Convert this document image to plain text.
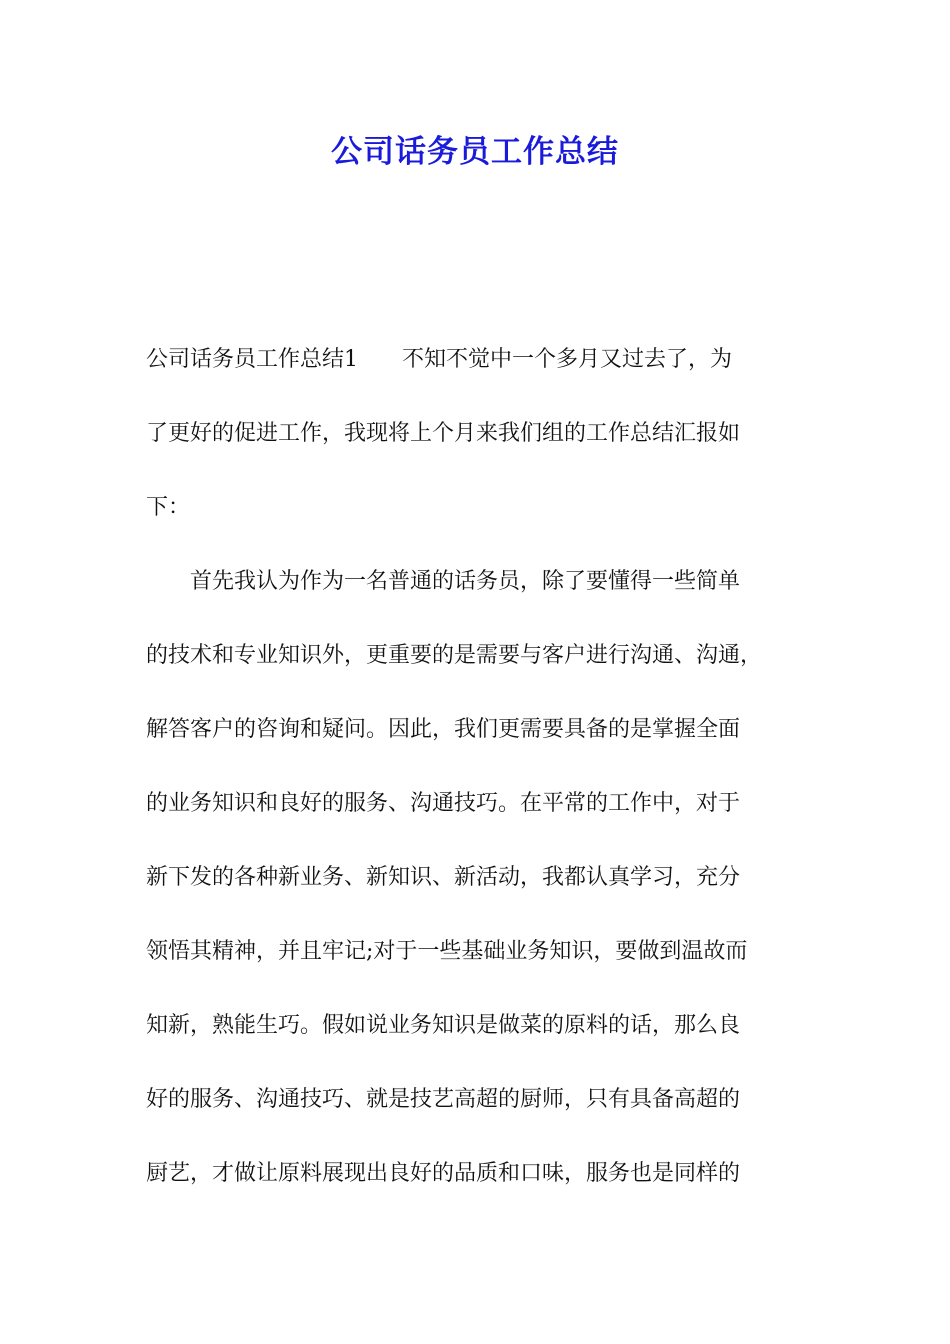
公司话务员工作总结
公司话务员工作总结1　　不知不觉中一个多月又过去了，为
了更好的促进工作，我现将上个月来我们组的工作总结汇报如
下：
　　首先我认为作为一名普通的话务员，除了要懂得一些简单
的技术和专业知识外，更重要的是需要与客户进行沟通、沟通，
解答客户的咨询和疑问。因此，我们更需要具备的是掌握全面
的业务知识和良好的服务、沟通技巧。在平常的工作中，对于
新下发的各种新业务、新知识、新活动，我都认真学习，充分
领悟其精神，并且牢记;对于一些基础业务知识，要做到温故而
知新，熟能生巧。假如说业务知识是做菜的原料的话，那么良
好的服务、沟通技巧、就是技艺高超的厨师，只有具备高超的
厨艺，才做让原料展现出良好的品质和口味，服务也是同样的
